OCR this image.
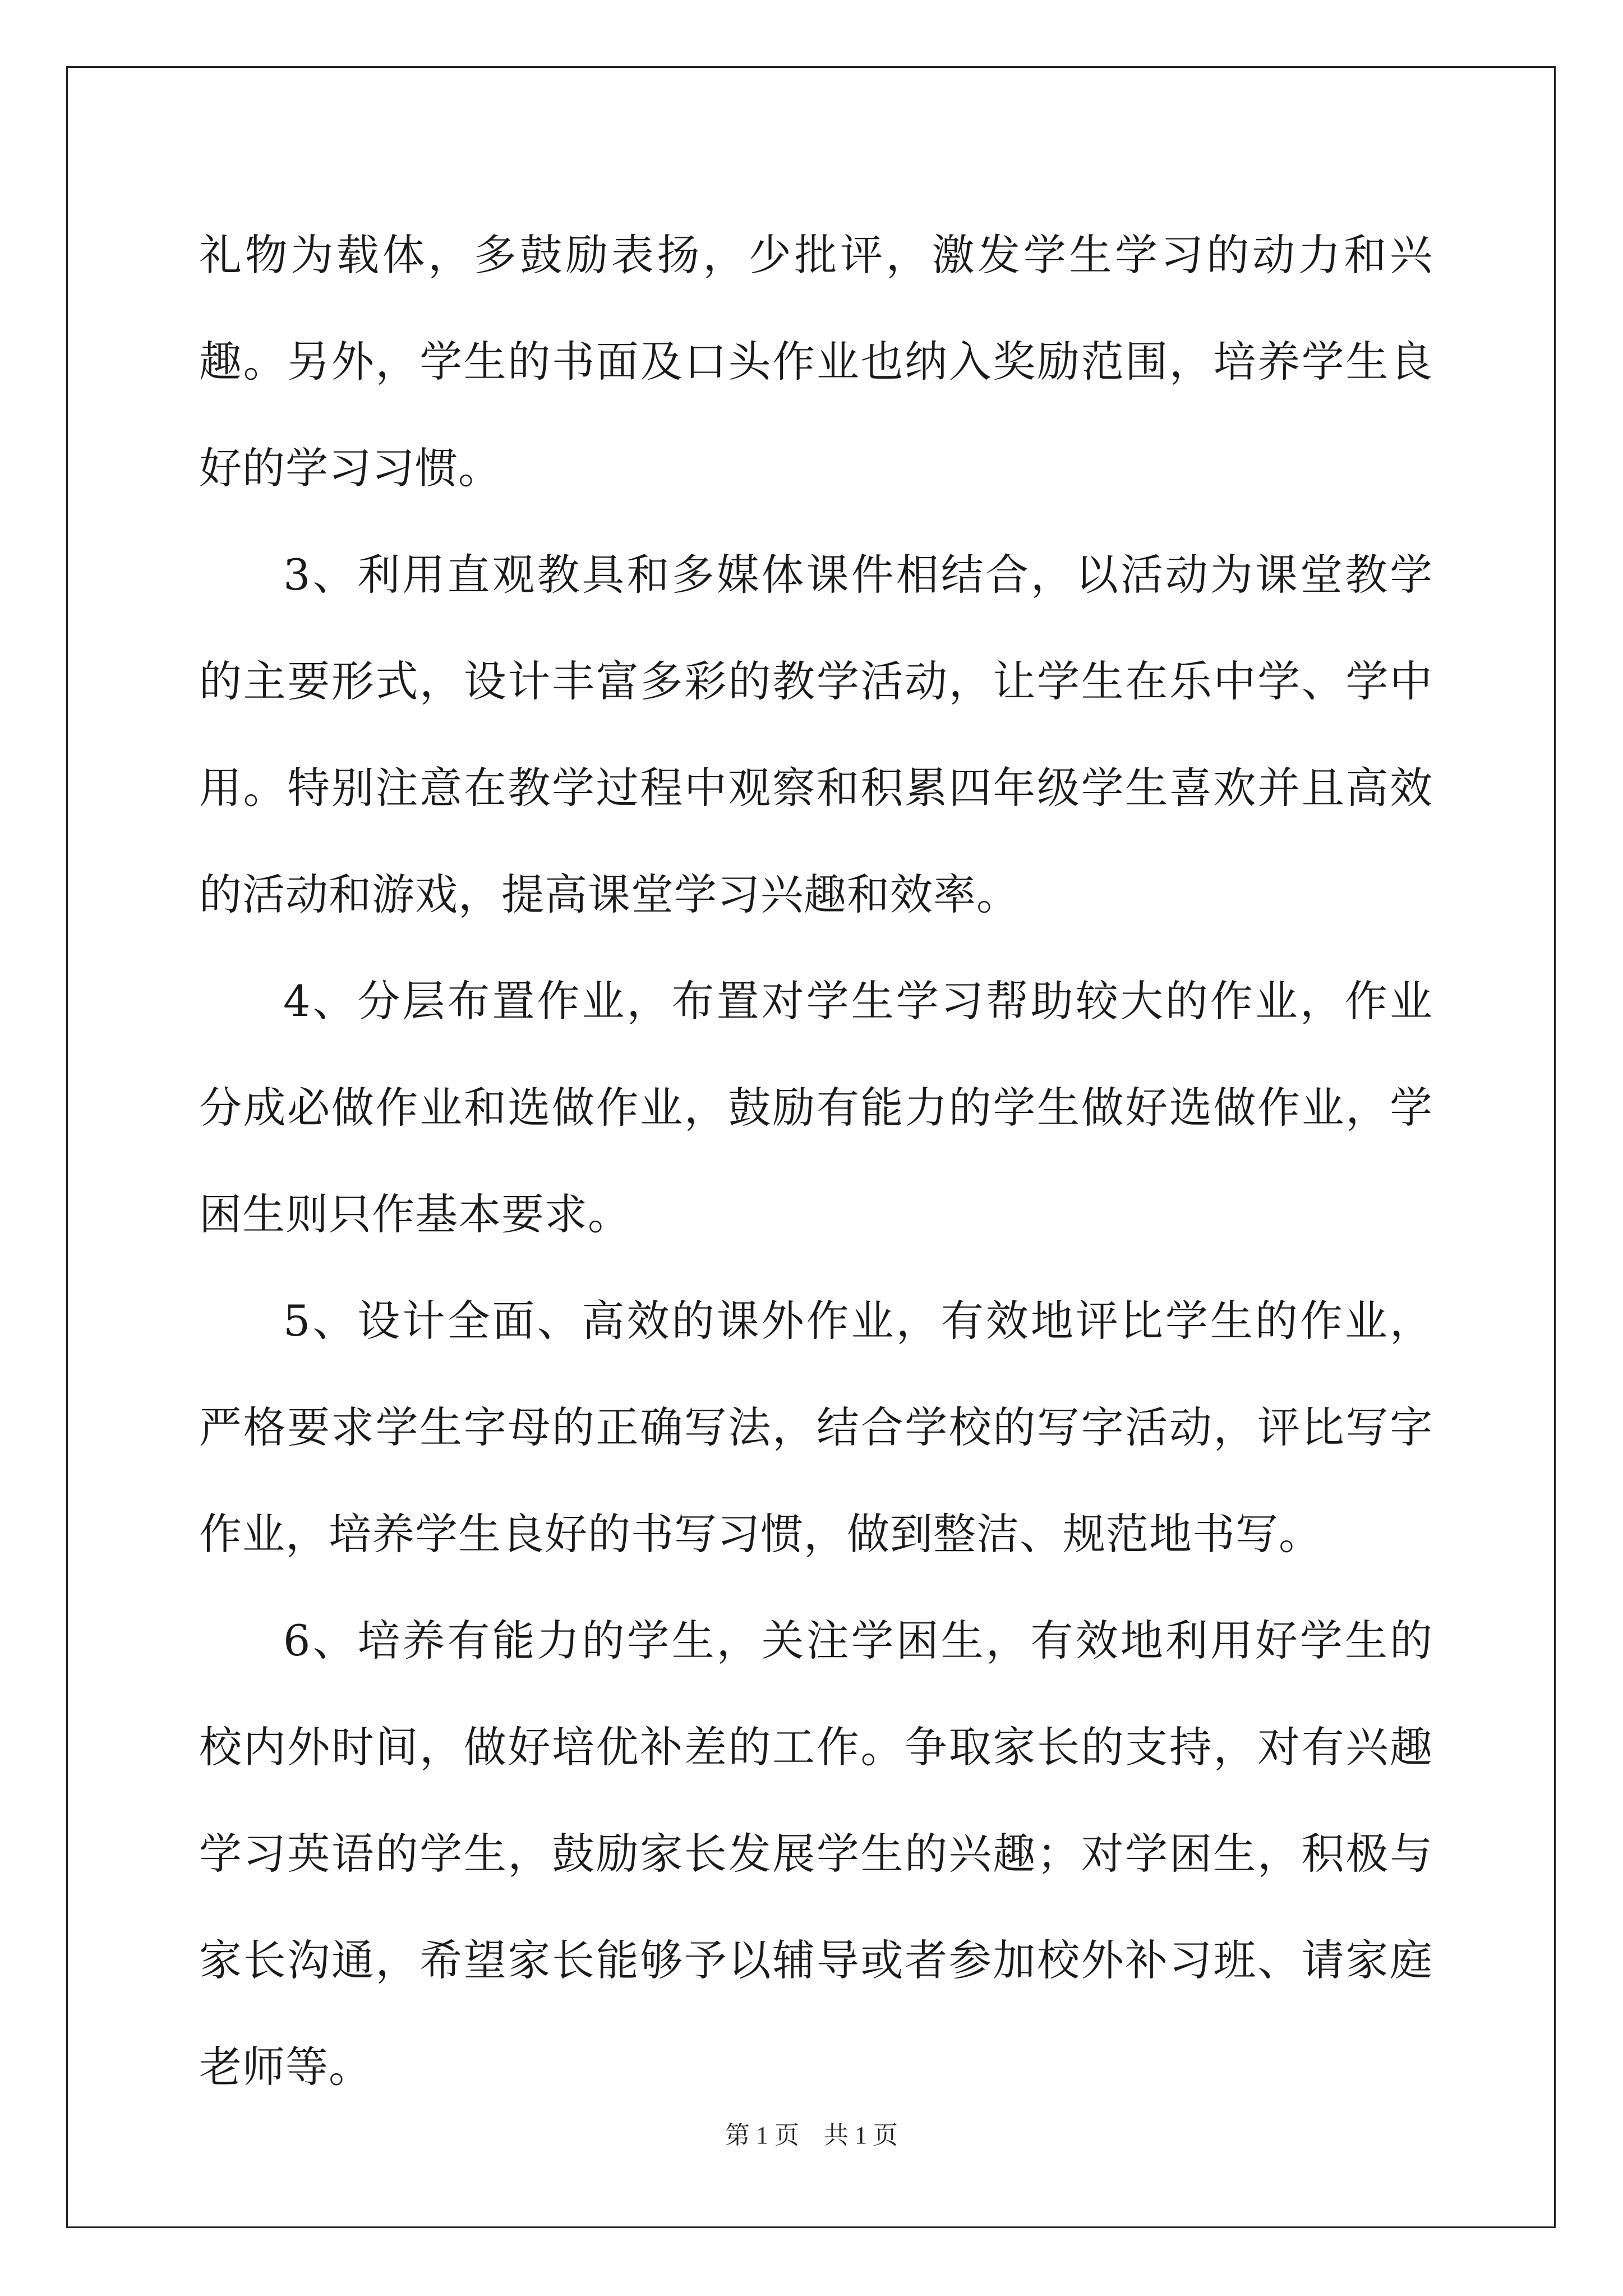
礼物为载体，多鼓励表扬，少批评，激发学生学习的动力和兴趣。另外，学生的书面及口头作业也纳入奖励范围，培养学生良好的学习习惯。

3、利用直观教具和多媒体课件相结合，以活动为课堂教学的主要形式，设计丰富多彩的教学活动，让学生在乐中学、学中用。特别注意在教学过程中观察和积累四年级学生喜欢并且高效的活动和游戏，提高课堂学习兴趣和效率。

4、分层布置作业，布置对学生学习帮助较大的作业，作业分成必做作业和选做作业，鼓励有能力的学生做好选做作业，学困生则只作基本要求。

5、设计全面、高效的课外作业，有效地评比学生的作业，严格要求学生字母的正确写法，结合学校的写字活动，评比写字作业，培养学生良好的书写习惯，做到整洁、规范地书写。

6、培养有能力的学生，关注学困生，有效地利用好学生的校内外时间，做好培优补差的工作。争取家长的支持，对有兴趣学习英语的学生，鼓励家长发展学生的兴趣；对学困生，积极与家长沟通，希望家长能够予以辅导或者参加校外补习班、请家庭老师等。

第 1 页    共 1 页
